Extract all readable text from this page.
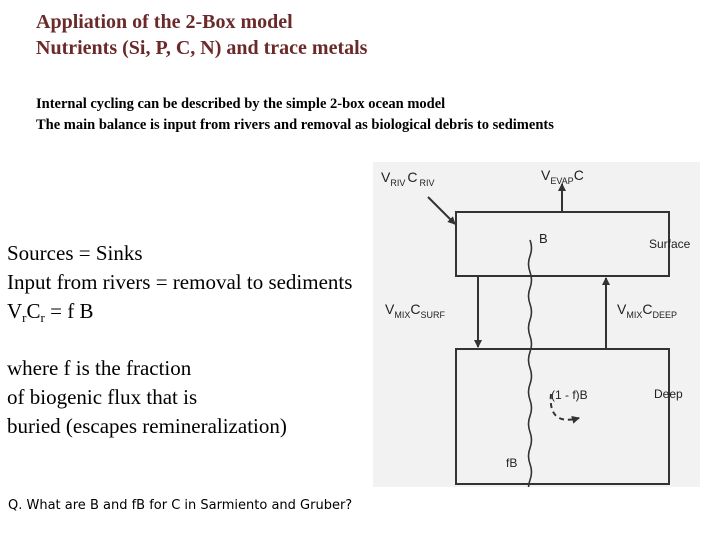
Appliation of the 2-Box model
Nutrients (Si, P, C, N) and trace metals
Internal cycling can be described by the simple 2-box ocean model
The main balance is input from rivers and removal as biological debris to sediments
$V_{RIV}$ C $_{RIV}$	$V_{EVAP}C$
B	Surface
$V_{MIX}C_{SURF}$	$V_{MIX}C_{DEEP}$
(1 - f)B	Deep
fB
Sources = Sinks
Input from rivers = removal to sediments
$V_rC_r = f$ B
where f is the fraction
of biogenic flux that is
buried (escapes remineralization)
Q. What are B and fB for C in Sarmiento and Gruber?
